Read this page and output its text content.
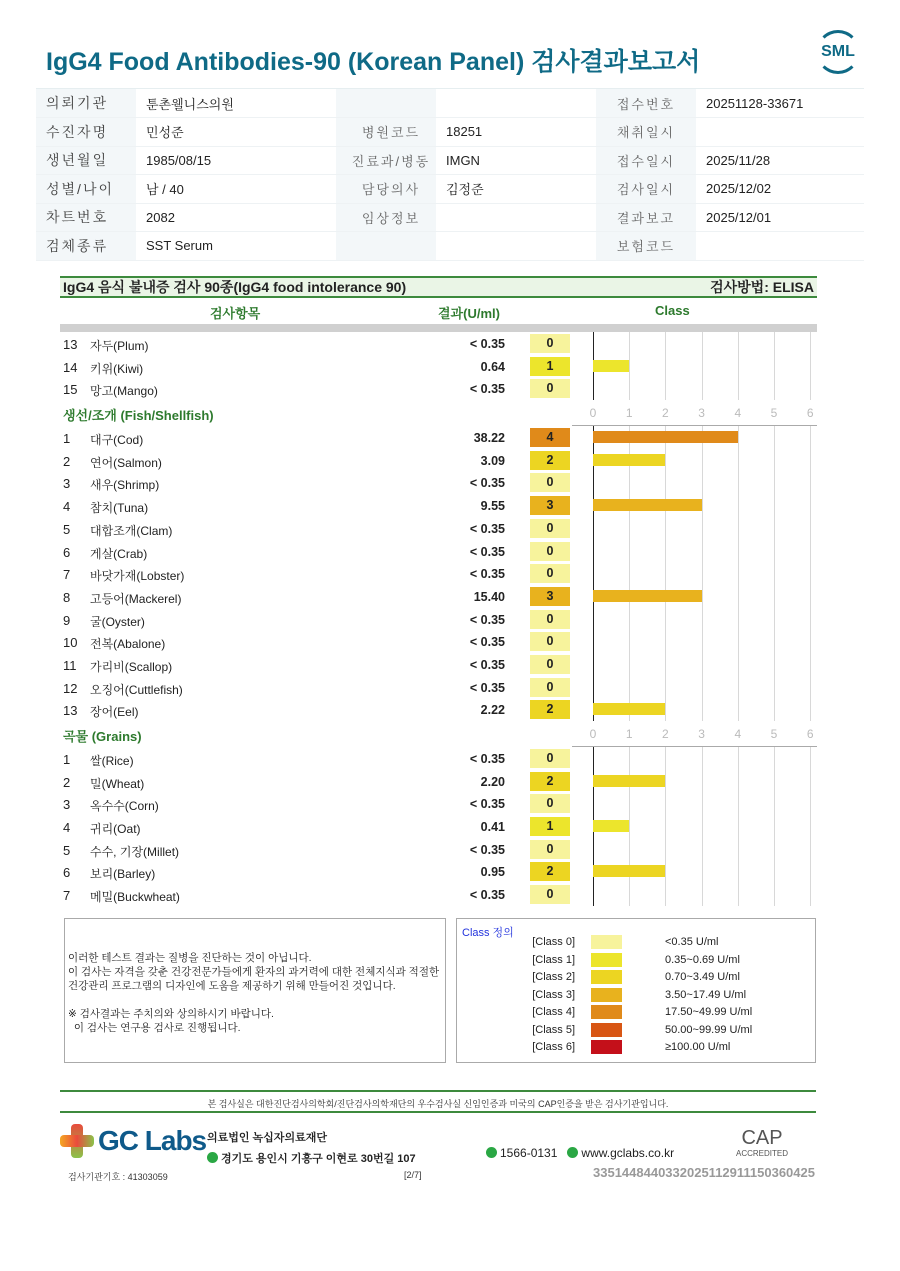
IgG4 Food Antibodies-90 (Korean Panel) 검사결과보고서	SML
의뢰기관	툰촌웰니스의원			접수번호	20251128-33671
수진자명	민성준	병원코드	18251	채취일시	
생년월일	1985/08/15	진료과/병동	IMGN	접수일시	2025/11/28
성별/나이	남 / 40	담당의사	김정준	검사일시	2025/12/02
차트번호	2082	임상정보		결과보고	2025/12/01
검체종류	SST Serum			보험코드	
IgG4 음식 불내증 검사 90종(IgG4 food intolerance 90)	검사방법: ELISA
검사항목	결과(U/ml)	Class
13 자두(Plum)	< 0.35	0
14 키위(Kiwi)	0.64	1
15 망고(Mango)	< 0.35	0
생선/조개 (Fish/Shellfish)	0 1 2 3 4 5 6
1 대구(Cod)	38.22	4
2 연어(Salmon)	3.09	2
3 새우(Shrimp)	< 0.35	0
4 참치(Tuna)	9.55	3
5 대합조개(Clam)	< 0.35	0
6 게살(Crab)	< 0.35	0
7 바닷가재(Lobster)	< 0.35	0
8 고등어(Mackerel)	15.40	3
9 굴(Oyster)	< 0.35	0
10 전복(Abalone)	< 0.35	0
11 가리비(Scallop)	< 0.35	0
12 오징어(Cuttlefish)	< 0.35	0
13 장어(Eel)	2.22	2
곡물 (Grains)	0 1 2 3 4 5 6
1 쌀(Rice)	< 0.35	0
2 밀(Wheat)	2.20	2
3 옥수수(Corn)	< 0.35	0
4 귀리(Oat)	0.41	1
5 수수, 기장(Millet)	< 0.35	0
6 보리(Barley)	0.95	2
7 메밀(Buckwheat)	< 0.35	0
이러한 테스트 결과는 질병을 진단하는 것이 아닙니다.
이 검사는 자격을 갖춘 건강전문가들에게 환자의 과거력에 대한 전체지식과 적절한
건강관리 프로그램의 디자인에 도움을 제공하기 위해 만들어진 것입니다.
※ 검사결과는 주치의와 상의하시기 바랍니다.
이 검사는 연구용 검사로 진행됩니다.
Class 정의
[Class 0]	<0.35 U/ml
[Class 1]	0.35~0.69 U/ml
[Class 2]	0.70~3.49 U/ml
[Class 3]	3.50~17.49 U/ml
[Class 4]	17.50~49.99 U/ml
[Class 5]	50.00~99.99 U/ml
[Class 6]	≥100.00 U/ml
본 검사실은 대한진단검사의학회/진단검사의학재단의 우수검사실 신임인증과 미국의 CAP인증을 받은 검사기관입니다.
GC Labs 의료법인 녹십자의료재단
경기도 용인시 기흥구 이현로 30번길 107	1566-0131 www.gclabs.co.kr
CAP
ACCREDITED
검사기관기호 : 41303059	[2/7]	3351448440332025112911150360425
